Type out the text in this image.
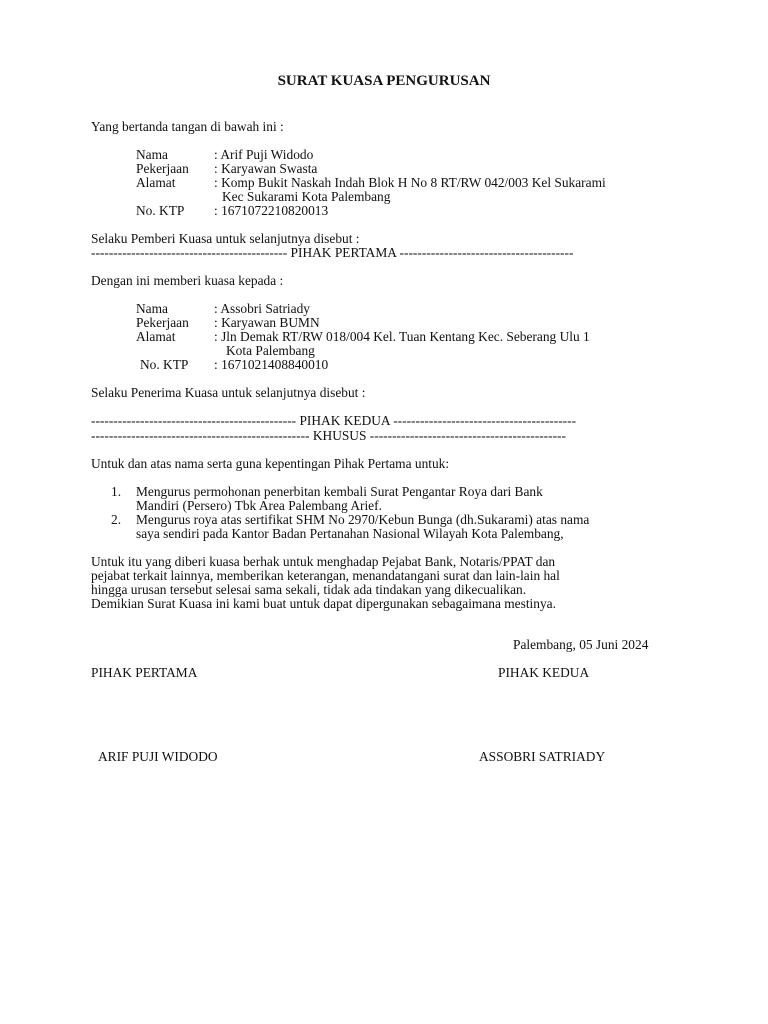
SURAT KUASA PENGURUSAN
Yang bertanda tangan di bawah ini :
Nama	: Arif Puji Widodo
Pekerjaan : Karyawan Swasta
Alamat	: Komp Bukit Naskah Indah Blok H No 8 RT/RW 042/003 Kel Sukarami
Kec Sukarami Kota Palembang
No. KTP : 1671072210820013
Selaku Pemberi Kuasa untuk selanjutnya disebut :
-------------------------------------------- PIHAK PERTAMA ---------------------------------------
Dengan ini memberi kuasa kepada :
Nama	: Assobri Satriady
Pekerjaan : Karyawan BUMN
Alamat	: Jln Demak RT/RW 018/004 Kel. Tuan Kentang Kec. Seberang Ulu 1
Kota Palembang
No. KTP : 1671021408840010
Selaku Penerima Kuasa untuk selanjutnya disebut :
---------------------------------------------- PIHAK KEDUA -----------------------------------------
------------------------------------------------- KHUSUS --------------------------------------------
Untuk dan atas nama serta guna kepentingan Pihak Pertama untuk:
1. Mengurus permohonan penerbitan kembali Surat Pengantar Roya dari Bank
Mandiri (Persero) Tbk Area Palembang Arief.
2. Mengurus roya atas sertifikat SHM No 2970/Kebun Bunga (dh.Sukarami) atas nama
saya sendiri pada Kantor Badan Pertanahan Nasional Wilayah Kota Palembang,
Untuk itu yang diberi kuasa berhak untuk menghadap Pejabat Bank, Notaris/PPAT dan
pejabat terkait lainnya, memberikan keterangan, menandatangani surat dan lain-lain hal
hingga urusan tersebut selesai sama sekali, tidak ada tindakan yang dikecualikan.
Demikian Surat Kuasa ini kami buat untuk dapat dipergunakan sebagaimana mestinya.
Palembang, 05 Juni 2024
PIHAK PERTAMA	PIHAK KEDUA
ARIF PUJI WIDODO	ASSOBRI SATRIADY
